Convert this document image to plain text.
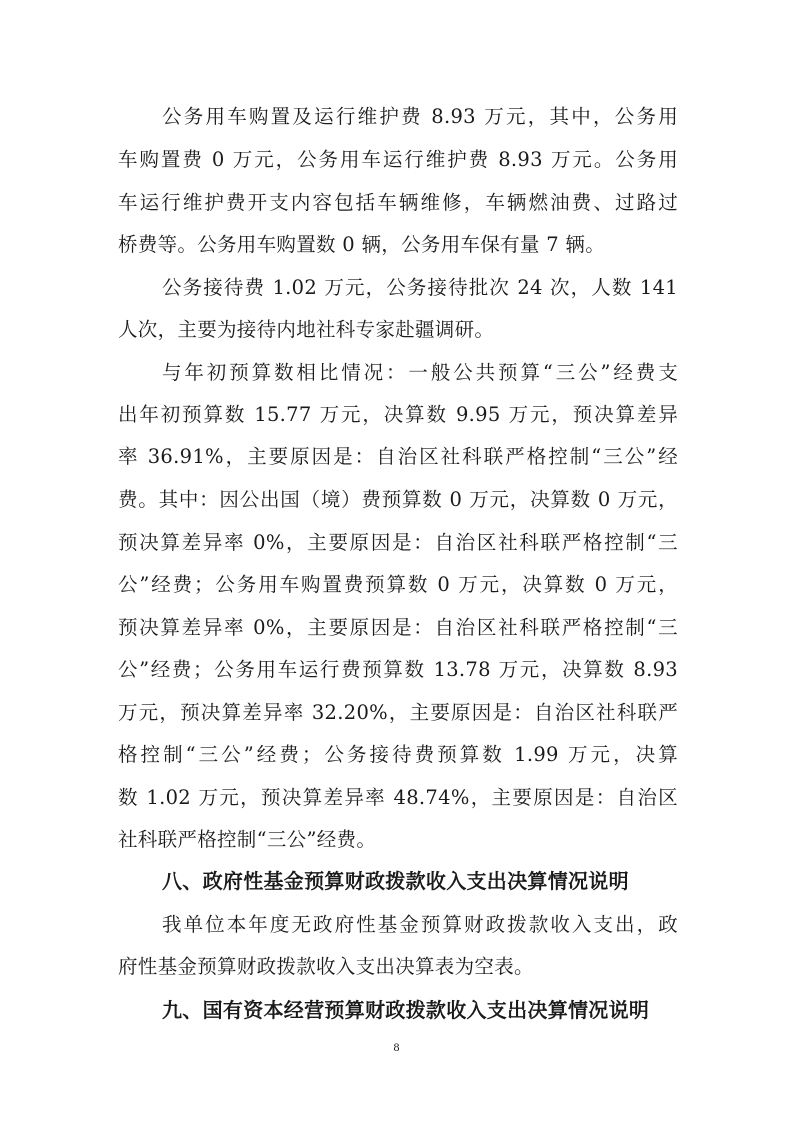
公务用车购置及运行维护费 8.93 万元，其中，公务用
车购置费 0 万元，公务用车运行维护费 8.93 万元。公务用
车运行维护费开支内容包括车辆维修，车辆燃油费、过路过
桥费等。公务用车购置数 0 辆，公务用车保有量 7 辆。
公务接待费 1.02 万元，公务接待批次 24 次，人数 141
人次，主要为接待内地社科专家赴疆调研。
与年初预算数相比情况：一般公共预算“三公”经费支
出年初预算数 15.77 万元，决算数 9.95 万元，预决算差异
率 36.91%，主要原因是：自治区社科联严格控制“三公”经
费。其中：因公出国（境）费预算数 0 万元，决算数 0 万元，
预决算差异率 0%，主要原因是：自治区社科联严格控制“三
公”经费；公务用车购置费预算数 0 万元，决算数 0 万元，
预决算差异率 0%，主要原因是：自治区社科联严格控制“三
公”经费；公务用车运行费预算数 13.78 万元，决算数 8.93
万元，预决算差异率 32.20%，主要原因是：自治区社科联严
格控制“三公”经费；公务接待费预算数 1.99 万元，决算
数 1.02 万元，预决算差异率 48.74%，主要原因是：自治区
社科联严格控制“三公”经费。
八、政府性基金预算财政拨款收入支出决算情况说明
我单位本年度无政府性基金预算财政拨款收入支出，政
府性基金预算财政拨款收入支出决算表为空表。
九、国有资本经营预算财政拨款收入支出决算情况说明
8
